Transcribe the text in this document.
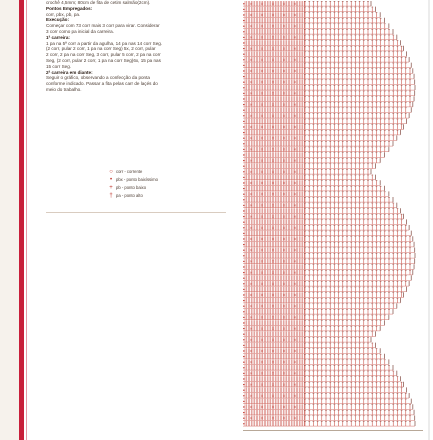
crochê 4,5mm; 80cm de fita de cetim salmão(2cm).

Pontos Empregados:

corr, pbx, pb, pa.

Execução:

Começar com 73 corr mais 3 corr para virar. Considerar

3 corr como pa inicial da carreira.

1ª carreira:

1 pa na 5ª corr a partir da agulha, 14 pa nas 14 corr Seg.

(2 corr, pular 2 corr, 1 pa na corr Seg) 5x, 2 corr, pular

2 corr, 2 pa na corr Seg, 3 corr, pular 5 corr, 2 pa na corr

Seg, (2 corr, pular 2 corr, 1 pa na corr Seg)6x, 15 pa nas

15 corr Seg.

2ª carreira em diante:

Seguir o gráfico, observando a confecção da ponta

conforme indicado. Passar a fita pelas carr de laçés do

meio do trabalho.

○ corr - corrente
• pbx - ponto baixíssimo
+ pb - ponto baixo
† pa - ponto alto
